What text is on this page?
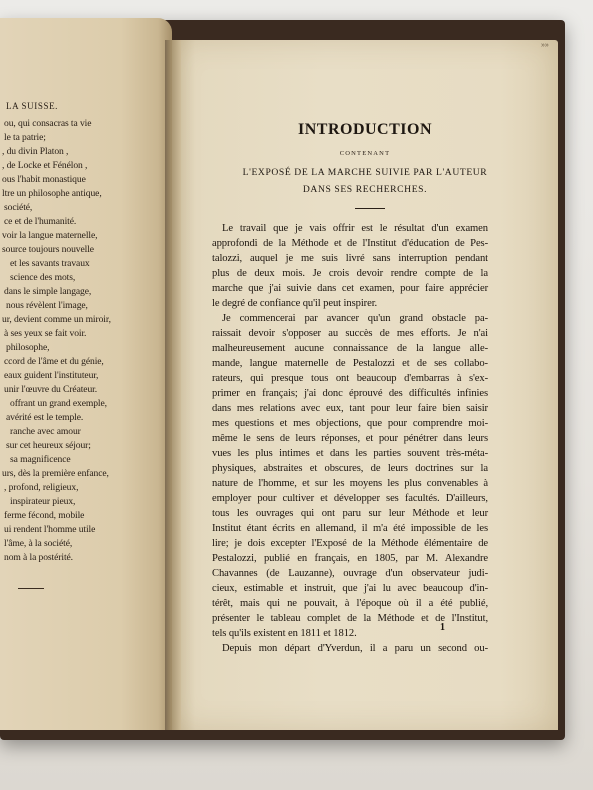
LA SUISSE.
ou, qui consacras ta vie
le ta patrie;
, du divin Platon ,
, de Locke et Fénélon ,
ous l'habit monastique
ltre un philosophe antique,
société,
ce et de l'humanité.
voir la langue maternelle,
source toujours nouvelle
et les savants travaux
science des mots,
dans le simple langage,
nous révèlent l'image,
ur, devient comme un miroir,
à ses yeux se fait voir.
philosophe,
ccord de l'âme et du génie,
eaux guident l'instituteur,
unir l'œuvre du Créateur.
offrant un grand exemple,
avérité est le temple.
ranche avec amour
sur cet heureux séjour;
sa magnificence
urs, dès la première enfance,
, profond, religieux,
inspirateur pieux,
ferme fécond, mobile
ui rendent l'homme utile
l'âme, à la société,
nom à la postérité.
»»
INTRODUCTION
CONTENANT
L'EXPOSÉ DE LA MARCHE SUIVIE PAR L'AUTEUR
DANS SES RECHERCHES.
Le travail que je vais offrir est le résultat d'un examen
approfondi de la Méthode et de l'Institut d'éducation de Pes-
talozzi, auquel je me suis livré sans interruption pendant
plus de deux mois. Je crois devoir rendre compte de la
marche que j'ai suivie dans cet examen, pour faire apprécier
le degré de confiance qu'il peut inspirer.
Je commencerai par avancer qu'un grand obstacle pa-
raissait devoir s'opposer au succès de mes efforts. Je n'ai
malheureusement aucune connaissance de la langue alle-
mande, langue maternelle de Pestalozzi et de ses collabo-
rateurs, qui presque tous ont beaucoup d'embarras à s'ex-
primer en français; j'ai donc éprouvé des difficultés infinies
dans mes relations avec eux, tant pour leur faire bien saisir
mes questions et mes objections, que pour comprendre moi-
même le sens de leurs réponses, et pour pénétrer dans leurs
vues les plus intimes et dans les parties souvent très-méta-
physiques, abstraites et obscures, de leurs doctrines sur la
nature de l'homme, et sur les moyens les plus convenables à
employer pour cultiver et développer ses facultés. D'ailleurs,
tous les ouvrages qui ont paru sur leur Méthode et leur
Institut étant écrits en allemand, il m'a été impossible de les
lire; je dois excepter l'Exposé de la Méthode élémentaire de
Pestalozzi, publié en français, en 1805, par M. Alexandre
Chavannes (de Lauzanne), ouvrage d'un observateur judi-
cieux, estimable et instruit, que j'ai lu avec beaucoup d'in-
térêt, mais qui ne pouvait, à l'époque où il a été publié,
présenter le tableau complet de la Méthode et de l'Institut,
tels qu'ils existent en 1811 et 1812.
Depuis mon départ d'Yverdun, il a paru un second ou-
1
